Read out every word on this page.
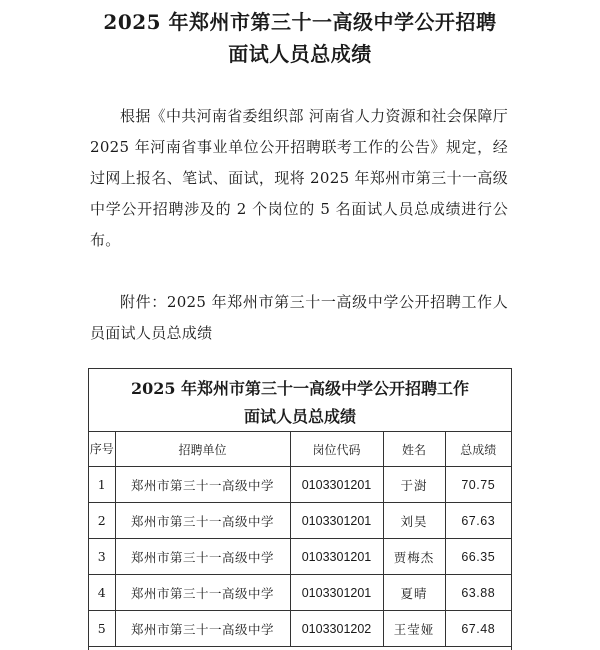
2025 年郑州市第三十一高级中学公开招聘
面试人员总成绩
根据《中共河南省委组织部 河南省人力资源和社会保障厅 2025 年河南省事业单位公开招聘联考工作的公告》规定，经过网上报名、笔试、面试，现将 2025 年郑州市第三十一高级中学公开招聘涉及的 2 个岗位的 5 名面试人员总成绩进行公布。
附件：2025 年郑州市第三十一高级中学公开招聘工作人员面试人员总成绩
2025 年郑州市第三十一高级中学公开招聘工作
面试人员总成绩
序号	招聘单位	岗位代码	姓名	总成绩
1	郑州市第三十一高级中学	0103301201	于澍	70.75
2	郑州市第三十一高级中学	0103301201	刘昊	67.63
3	郑州市第三十一高级中学	0103301201	贾梅杰	66.35
4	郑州市第三十一高级中学	0103301201	夏晴	63.88
5	郑州市第三十一高级中学	0103301202	王莹娅	67.48
